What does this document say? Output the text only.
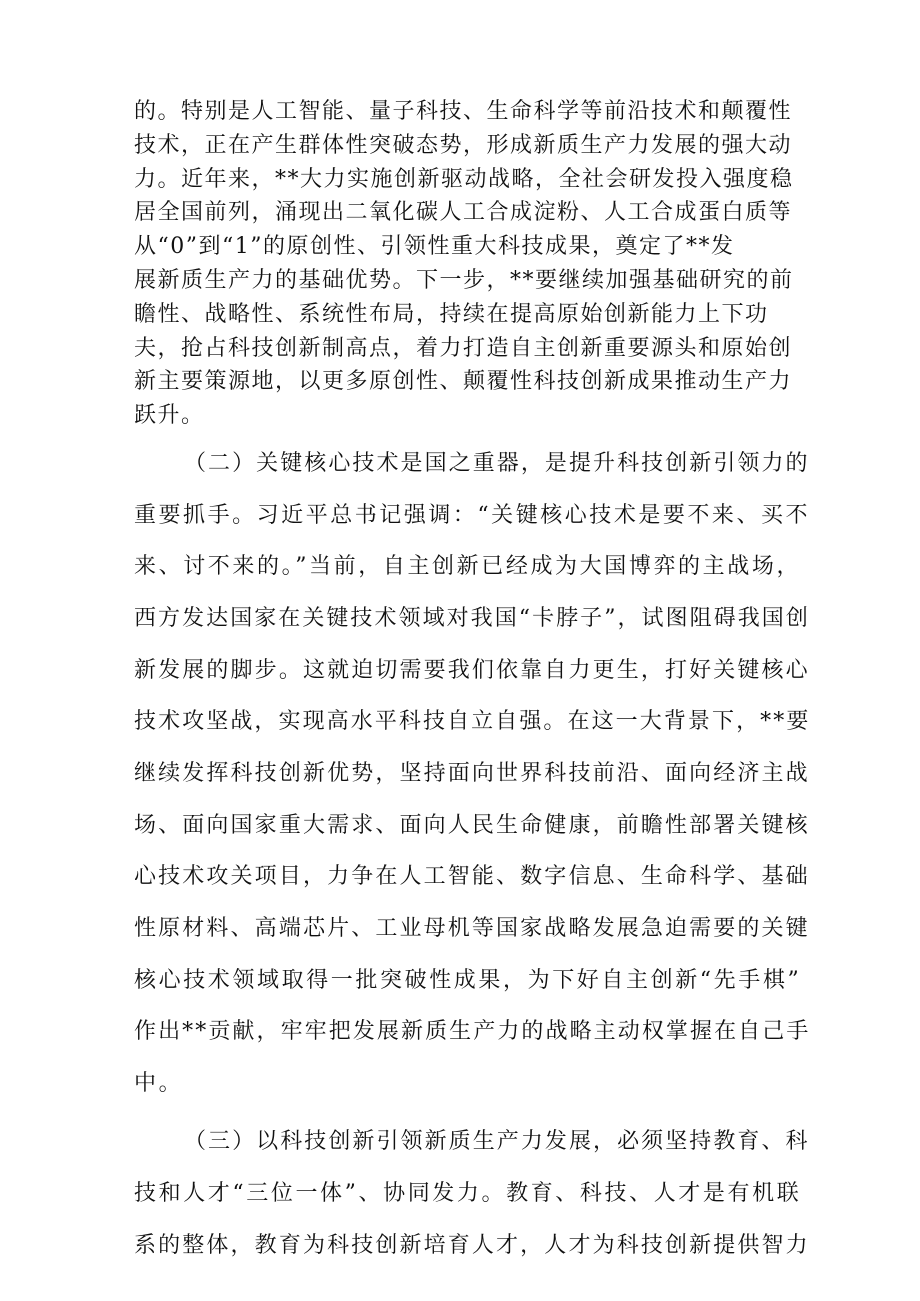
的。特别是人工智能、量子科技、生命科学等前沿技术和颠覆性
技术，正在产生群体性突破态势，形成新质生产力发展的强大动
力。近年来，**大力实施创新驱动战略，全社会研发投入强度稳
居全国前列，涌现出二氧化碳人工合成淀粉、人工合成蛋白质等
从“0”到“1”的原创性、引领性重大科技成果，奠定了**发
展新质生产力的基础优势。下一步，**要继续加强基础研究的前
瞻性、战略性、系统性布局，持续在提高原始创新能力上下功
夫，抢占科技创新制高点，着力打造自主创新重要源头和原始创
新主要策源地，以更多原创性、颠覆性科技创新成果推动生产力
跃升。
（二）关键核心技术是国之重器，是提升科技创新引领力的
重要抓手。习近平总书记强调：“关键核心技术是要不来、买不
来、讨不来的。”当前，自主创新已经成为大国博弈的主战场，
西方发达国家在关键技术领域对我国“卡脖子”，试图阻碍我国创
新发展的脚步。这就迫切需要我们依靠自力更生，打好关键核心
技术攻坚战，实现高水平科技自立自强。在这一大背景下，**要
继续发挥科技创新优势，坚持面向世界科技前沿、面向经济主战
场、面向国家重大需求、面向人民生命健康，前瞻性部署关键核
心技术攻关项目，力争在人工智能、数字信息、生命科学、基础
性原材料、高端芯片、工业母机等国家战略发展急迫需要的关键
核心技术领域取得一批突破性成果，为下好自主创新“先手棋”
作出**贡献，牢牢把发展新质生产力的战略主动权掌握在自己手
中。
（三）以科技创新引领新质生产力发展，必须坚持教育、科
技和人才“三位一体”、协同发力。教育、科技、人才是有机联
系的整体，教育为科技创新培育人才，人才为科技创新提供智力
